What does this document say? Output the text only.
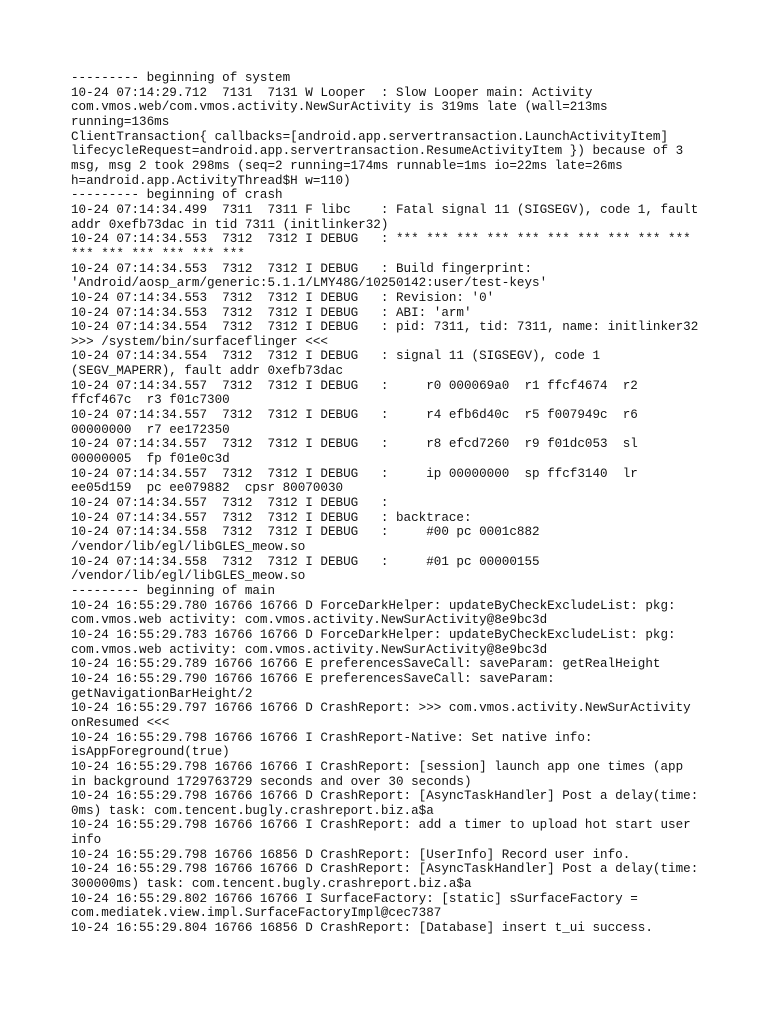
--------- beginning of system
10-24 07:14:29.712  7131  7131 W Looper  : Slow Looper main: Activity
com.vmos.web/com.vmos.activity.NewSurActivity is 319ms late (wall=213ms
running=136ms
ClientTransaction{ callbacks=[android.app.servertransaction.LaunchActivityItem]
lifecycleRequest=android.app.servertransaction.ResumeActivityItem }) because of 3
msg, msg 2 took 298ms (seq=2 running=174ms runnable=1ms io=22ms late=26ms
h=android.app.ActivityThread$H w=110)
--------- beginning of crash
10-24 07:14:34.499  7311  7311 F libc    : Fatal signal 11 (SIGSEGV), code 1, fault
addr 0xefb73dac in tid 7311 (initlinker32)
10-24 07:14:34.553  7312  7312 I DEBUG   : *** *** *** *** *** *** *** *** *** ***
*** *** *** *** *** ***
10-24 07:14:34.553  7312  7312 I DEBUG   : Build fingerprint:
'Android/aosp_arm/generic:5.1.1/LMY48G/10250142:user/test-keys'
10-24 07:14:34.553  7312  7312 I DEBUG   : Revision: '0'
10-24 07:14:34.553  7312  7312 I DEBUG   : ABI: 'arm'
10-24 07:14:34.554  7312  7312 I DEBUG   : pid: 7311, tid: 7311, name: initlinker32
>>> /system/bin/surfaceflinger <<<
10-24 07:14:34.554  7312  7312 I DEBUG   : signal 11 (SIGSEGV), code 1
(SEGV_MAPERR), fault addr 0xefb73dac
10-24 07:14:34.557  7312  7312 I DEBUG   :     r0 000069a0  r1 ffcf4674  r2
ffcf467c  r3 f01c7300
10-24 07:14:34.557  7312  7312 I DEBUG   :     r4 efb6d40c  r5 f007949c  r6
00000000  r7 ee172350
10-24 07:14:34.557  7312  7312 I DEBUG   :     r8 efcd7260  r9 f01dc053  sl
00000005  fp f01e0c3d
10-24 07:14:34.557  7312  7312 I DEBUG   :     ip 00000000  sp ffcf3140  lr
ee05d159  pc ee079882  cpsr 80070030
10-24 07:14:34.557  7312  7312 I DEBUG   :
10-24 07:14:34.557  7312  7312 I DEBUG   : backtrace:
10-24 07:14:34.558  7312  7312 I DEBUG   :     #00 pc 0001c882
/vendor/lib/egl/libGLES_meow.so
10-24 07:14:34.558  7312  7312 I DEBUG   :     #01 pc 00000155
/vendor/lib/egl/libGLES_meow.so
--------- beginning of main
10-24 16:55:29.780 16766 16766 D ForceDarkHelper: updateByCheckExcludeList: pkg:
com.vmos.web activity: com.vmos.activity.NewSurActivity@8e9bc3d
10-24 16:55:29.783 16766 16766 D ForceDarkHelper: updateByCheckExcludeList: pkg:
com.vmos.web activity: com.vmos.activity.NewSurActivity@8e9bc3d
10-24 16:55:29.789 16766 16766 E preferencesSaveCall: saveParam: getRealHeight
10-24 16:55:29.790 16766 16766 E preferencesSaveCall: saveParam:
getNavigationBarHeight/2
10-24 16:55:29.797 16766 16766 D CrashReport: >>> com.vmos.activity.NewSurActivity
onResumed <<<
10-24 16:55:29.798 16766 16766 I CrashReport-Native: Set native info:
isAppForeground(true)
10-24 16:55:29.798 16766 16766 I CrashReport: [session] launch app one times (app
in background 1729763729 seconds and over 30 seconds)
10-24 16:55:29.798 16766 16766 D CrashReport: [AsyncTaskHandler] Post a delay(time:
0ms) task: com.tencent.bugly.crashreport.biz.a$a
10-24 16:55:29.798 16766 16766 I CrashReport: add a timer to upload hot start user
info
10-24 16:55:29.798 16766 16856 D CrashReport: [UserInfo] Record user info.
10-24 16:55:29.798 16766 16766 D CrashReport: [AsyncTaskHandler] Post a delay(time:
300000ms) task: com.tencent.bugly.crashreport.biz.a$a
10-24 16:55:29.802 16766 16766 I SurfaceFactory: [static] sSurfaceFactory =
com.mediatek.view.impl.SurfaceFactoryImpl@cec7387
10-24 16:55:29.804 16766 16856 D CrashReport: [Database] insert t_ui success.
